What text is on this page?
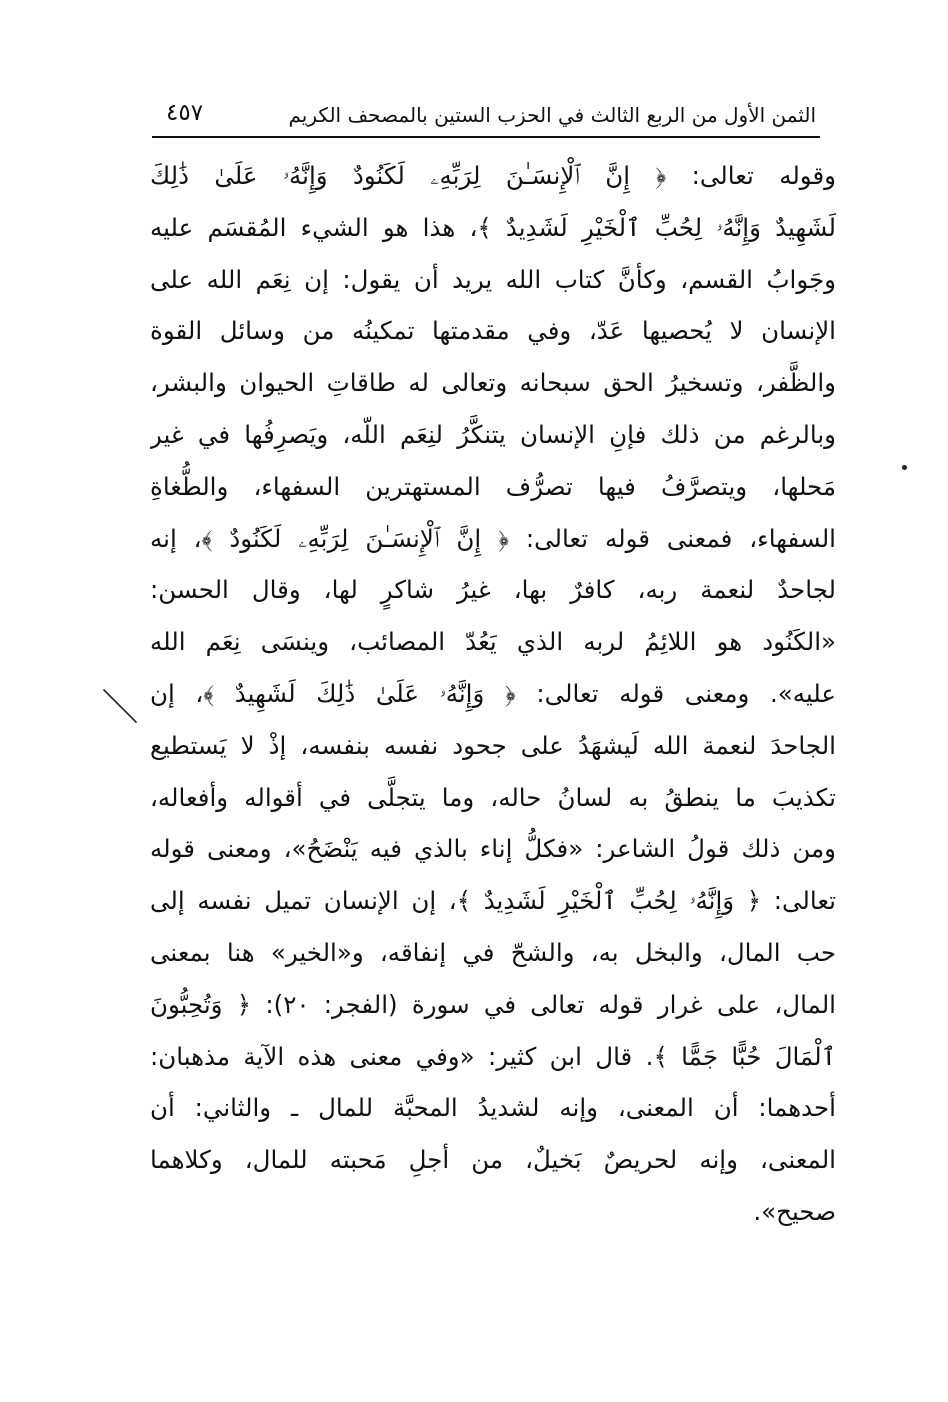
الثمن الأول من الربع الثالث في الحزب الستين بالمصحف الكريم
٤٥٧
وقوله تعالى: ﴿ إِنَّ ٱلْإِنسَـٰنَ لِرَبِّهِۦ لَكَنُودٌ وَإِنَّهُۥ عَلَىٰ ذَٰلِكَ
لَشَهِيدٌ وَإِنَّهُۥ لِحُبِّ ٱلْخَيْرِ لَشَدِيدٌ ﴾، هذا هو الشيء المُقسَم عليه
وجَوابُ القسم، وكأنَّ كتاب الله يريد أن يقول: إن نِعَم الله على
الإنسان لا يُحصيها عَدّ، وفي مقدمتها تمكينُه من وسائل القوة
والظَّفر، وتسخيرُ الحق سبحانه وتعالى له طاقاتِ الحيوان والبشر،
وبالرغم من ذلك فإنِ الإنسان يتنكَّرُ لنِعَم اللّه، ويَصرِفُها في غير
مَحلها، ويتصرَّفُ فيها تصرُّف المستهترين السفهاء، والطُّغاةِ
السفهاء، فمعنى قوله تعالى: ﴿ إِنَّ ٱلْإِنسَـٰنَ لِرَبِّهِۦ لَكَنُودٌ ﴾، إنه
لجاحدٌ لنعمة ربه، كافرٌ بها، غيرُ شاكرٍ لها، وقال الحسن:
«الكَنُود هو اللائِمُ لربه الذي يَعُدّ المصائب، وينسَى نِعَم الله
عليه». ومعنى قوله تعالى: ﴿ وَإِنَّهُۥ عَلَىٰ ذَٰلِكَ لَشَهِيدٌ ﴾، إن
الجاحدَ لنعمة الله لَيشهَدُ على جحود نفسه بنفسه، إذْ لا يَستطيع
تكذيبَ ما ينطقُ به لسانُ حاله، وما يتجلَّى في أقواله وأفعاله،
ومن ذلك قولُ الشاعر: «فكلُّ إناء بالذي فيه يَنْضَحُ»، ومعنى قوله
تعالى: ﴿ وَإِنَّهُۥ لِحُبِّ ٱلْخَيْرِ لَشَدِيدٌ ﴾، إن الإنسان تميل نفسه إلى
حب المال، والبخل به، والشحّ في إنفاقه، و«الخير» هنا بمعنى
المال، على غرار قوله تعالى في سورة (الفجر: ٢٠): ﴿ وَتُحِبُّونَ
ٱلْمَالَ حُبًّا جَمًّا ﴾. قال ابن كثير: «وفي معنى هذه الآية مذهبان:
أحدهما: أن المعنى، وإنه لشديدُ المحبَّة للمال ـ والثاني: أن
المعنى، وإنه لحريصٌ بَخيلٌ، من أجلِ مَحبته للمال، وكلاهما
صحيح».
